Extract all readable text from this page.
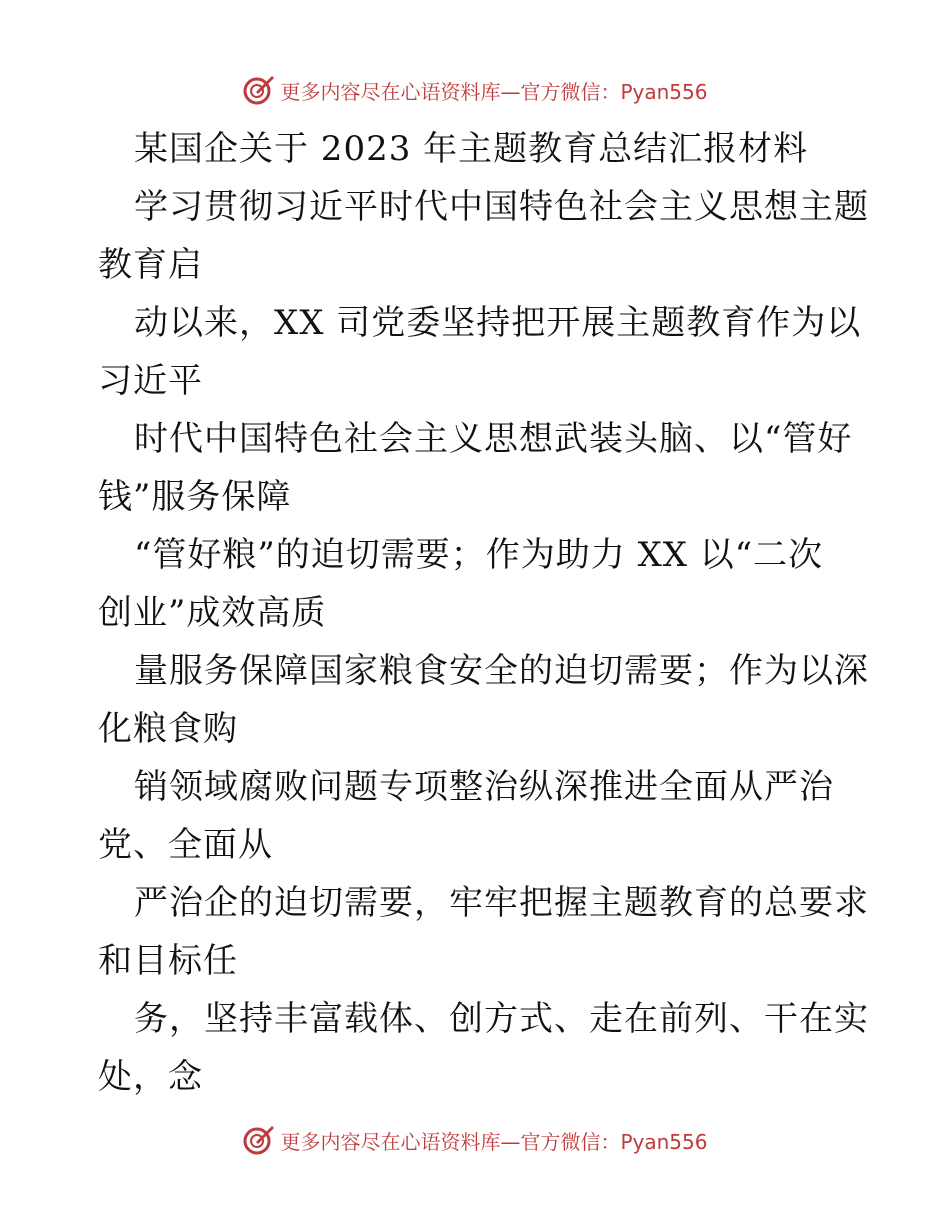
更多内容尽在心语资料库—官方微信：Pyan556
某国企关于 2023 年主题教育总结汇报材料
学习贯彻习近平时代中国特色社会主义思想主题
教育启
动以来，XX 司党委坚持把开展主题教育作为以
习近平
时代中国特色社会主义思想武装头脑、以“管好
钱”服务保障
“管好粮”的迫切需要；作为助力 XX 以“二次
创业”成效高质
量服务保障国家粮食安全的迫切需要；作为以深
化粮食购
销领域腐败问题专项整治纵深推进全面从严治
党、全面从
严治企的迫切需要，牢牢把握主题教育的总要求
和目标任
务，坚持丰富载体、创方式、走在前列、干在实
处，念
更多内容尽在心语资料库—官方微信：Pyan556
